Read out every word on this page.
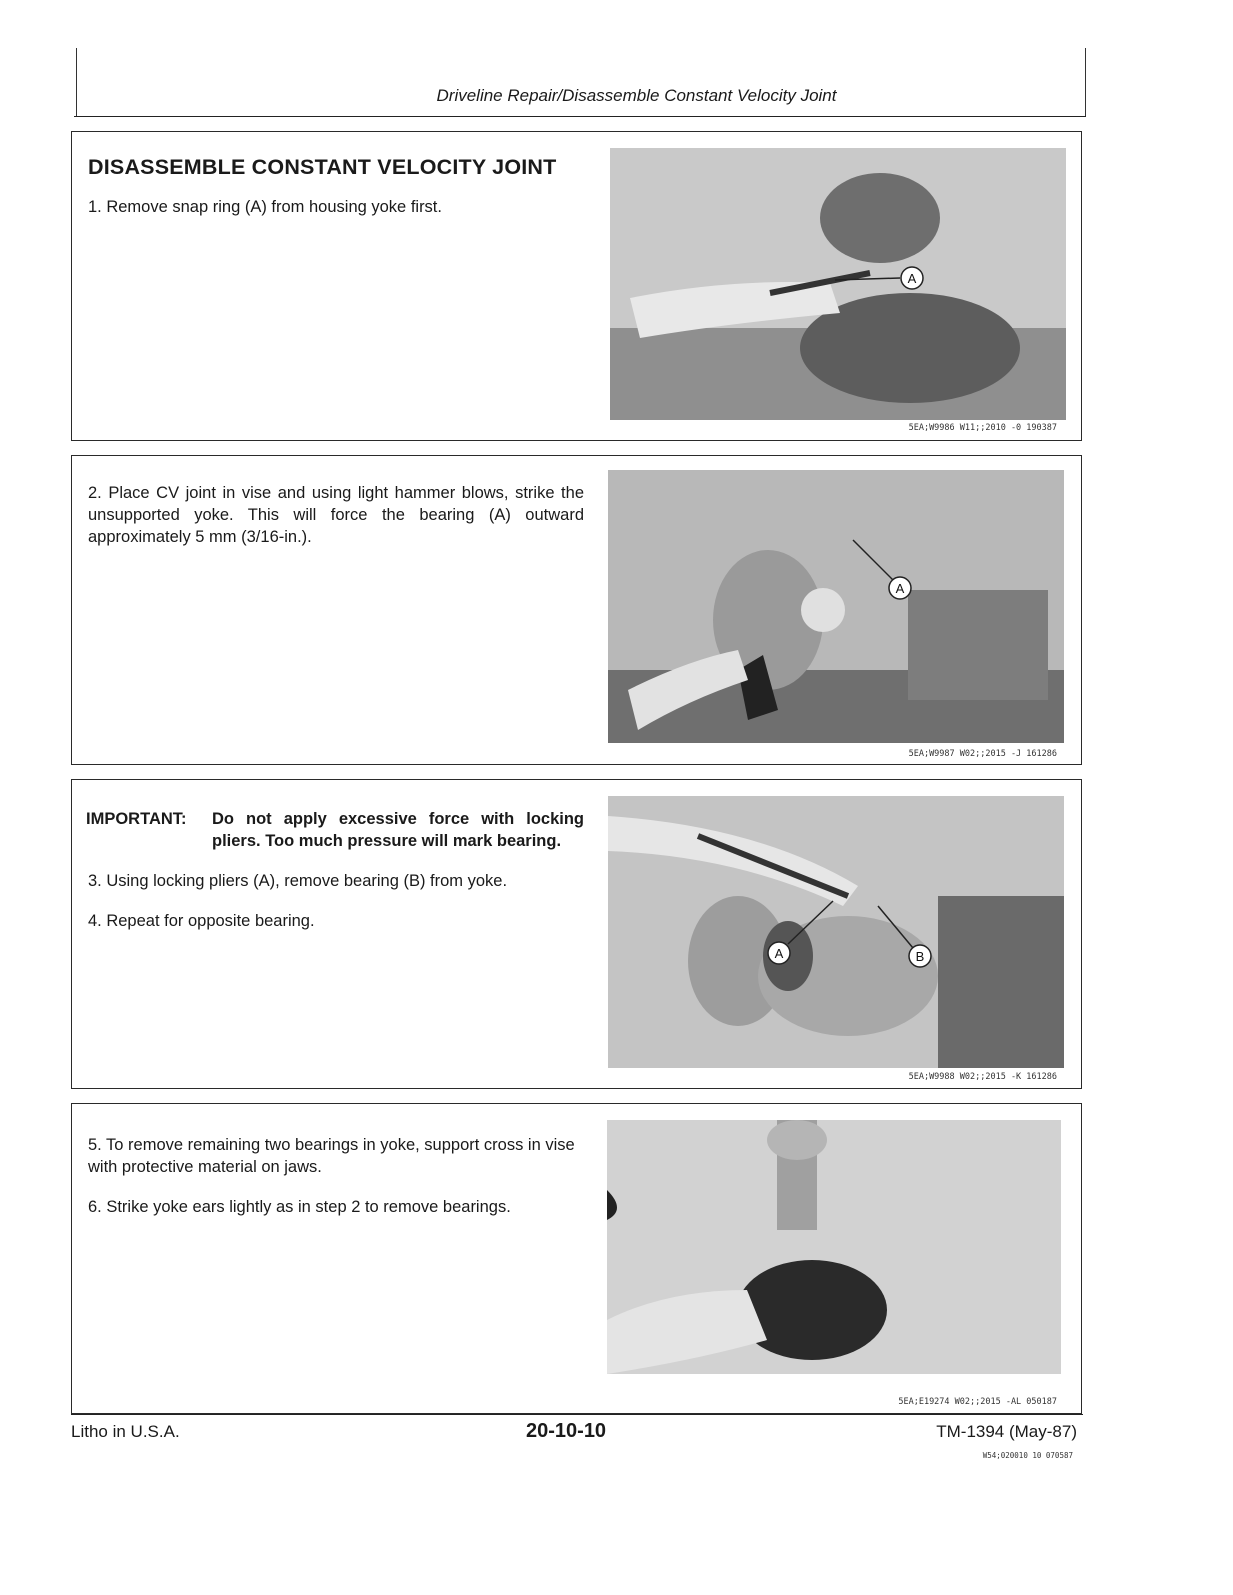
Driveline Repair/Disassemble Constant Velocity Joint
DISASSEMBLE CONSTANT VELOCITY JOINT
1. Remove snap ring (A) from housing yoke first.
A
5EA;W9986 W11;;2010 -0 190387
2. Place CV joint in vise and using light hammer blows, strike the unsupported yoke. This will force the bearing (A) outward approximately 5 mm (3/16-in.).
A
5EA;W9987 W02;;2015 -J 161286
IMPORTANT:	Do not apply excessive force with locking pliers. Too much pressure will mark bearing.
3. Using locking pliers (A), remove bearing (B) from yoke.
4. Repeat for opposite bearing.
A	B
5EA;W9988 W02;;2015 -K 161286
5. To remove remaining two bearings in yoke, support cross in vise with protective material on jaws.
6. Strike yoke ears lightly as in step 2 to remove bearings.
5EA;E19274 W02;;2015 -AL 050187
Litho in U.S.A.	20-10-10	TM-1394 (May-87)
W54;020010 10 070587
